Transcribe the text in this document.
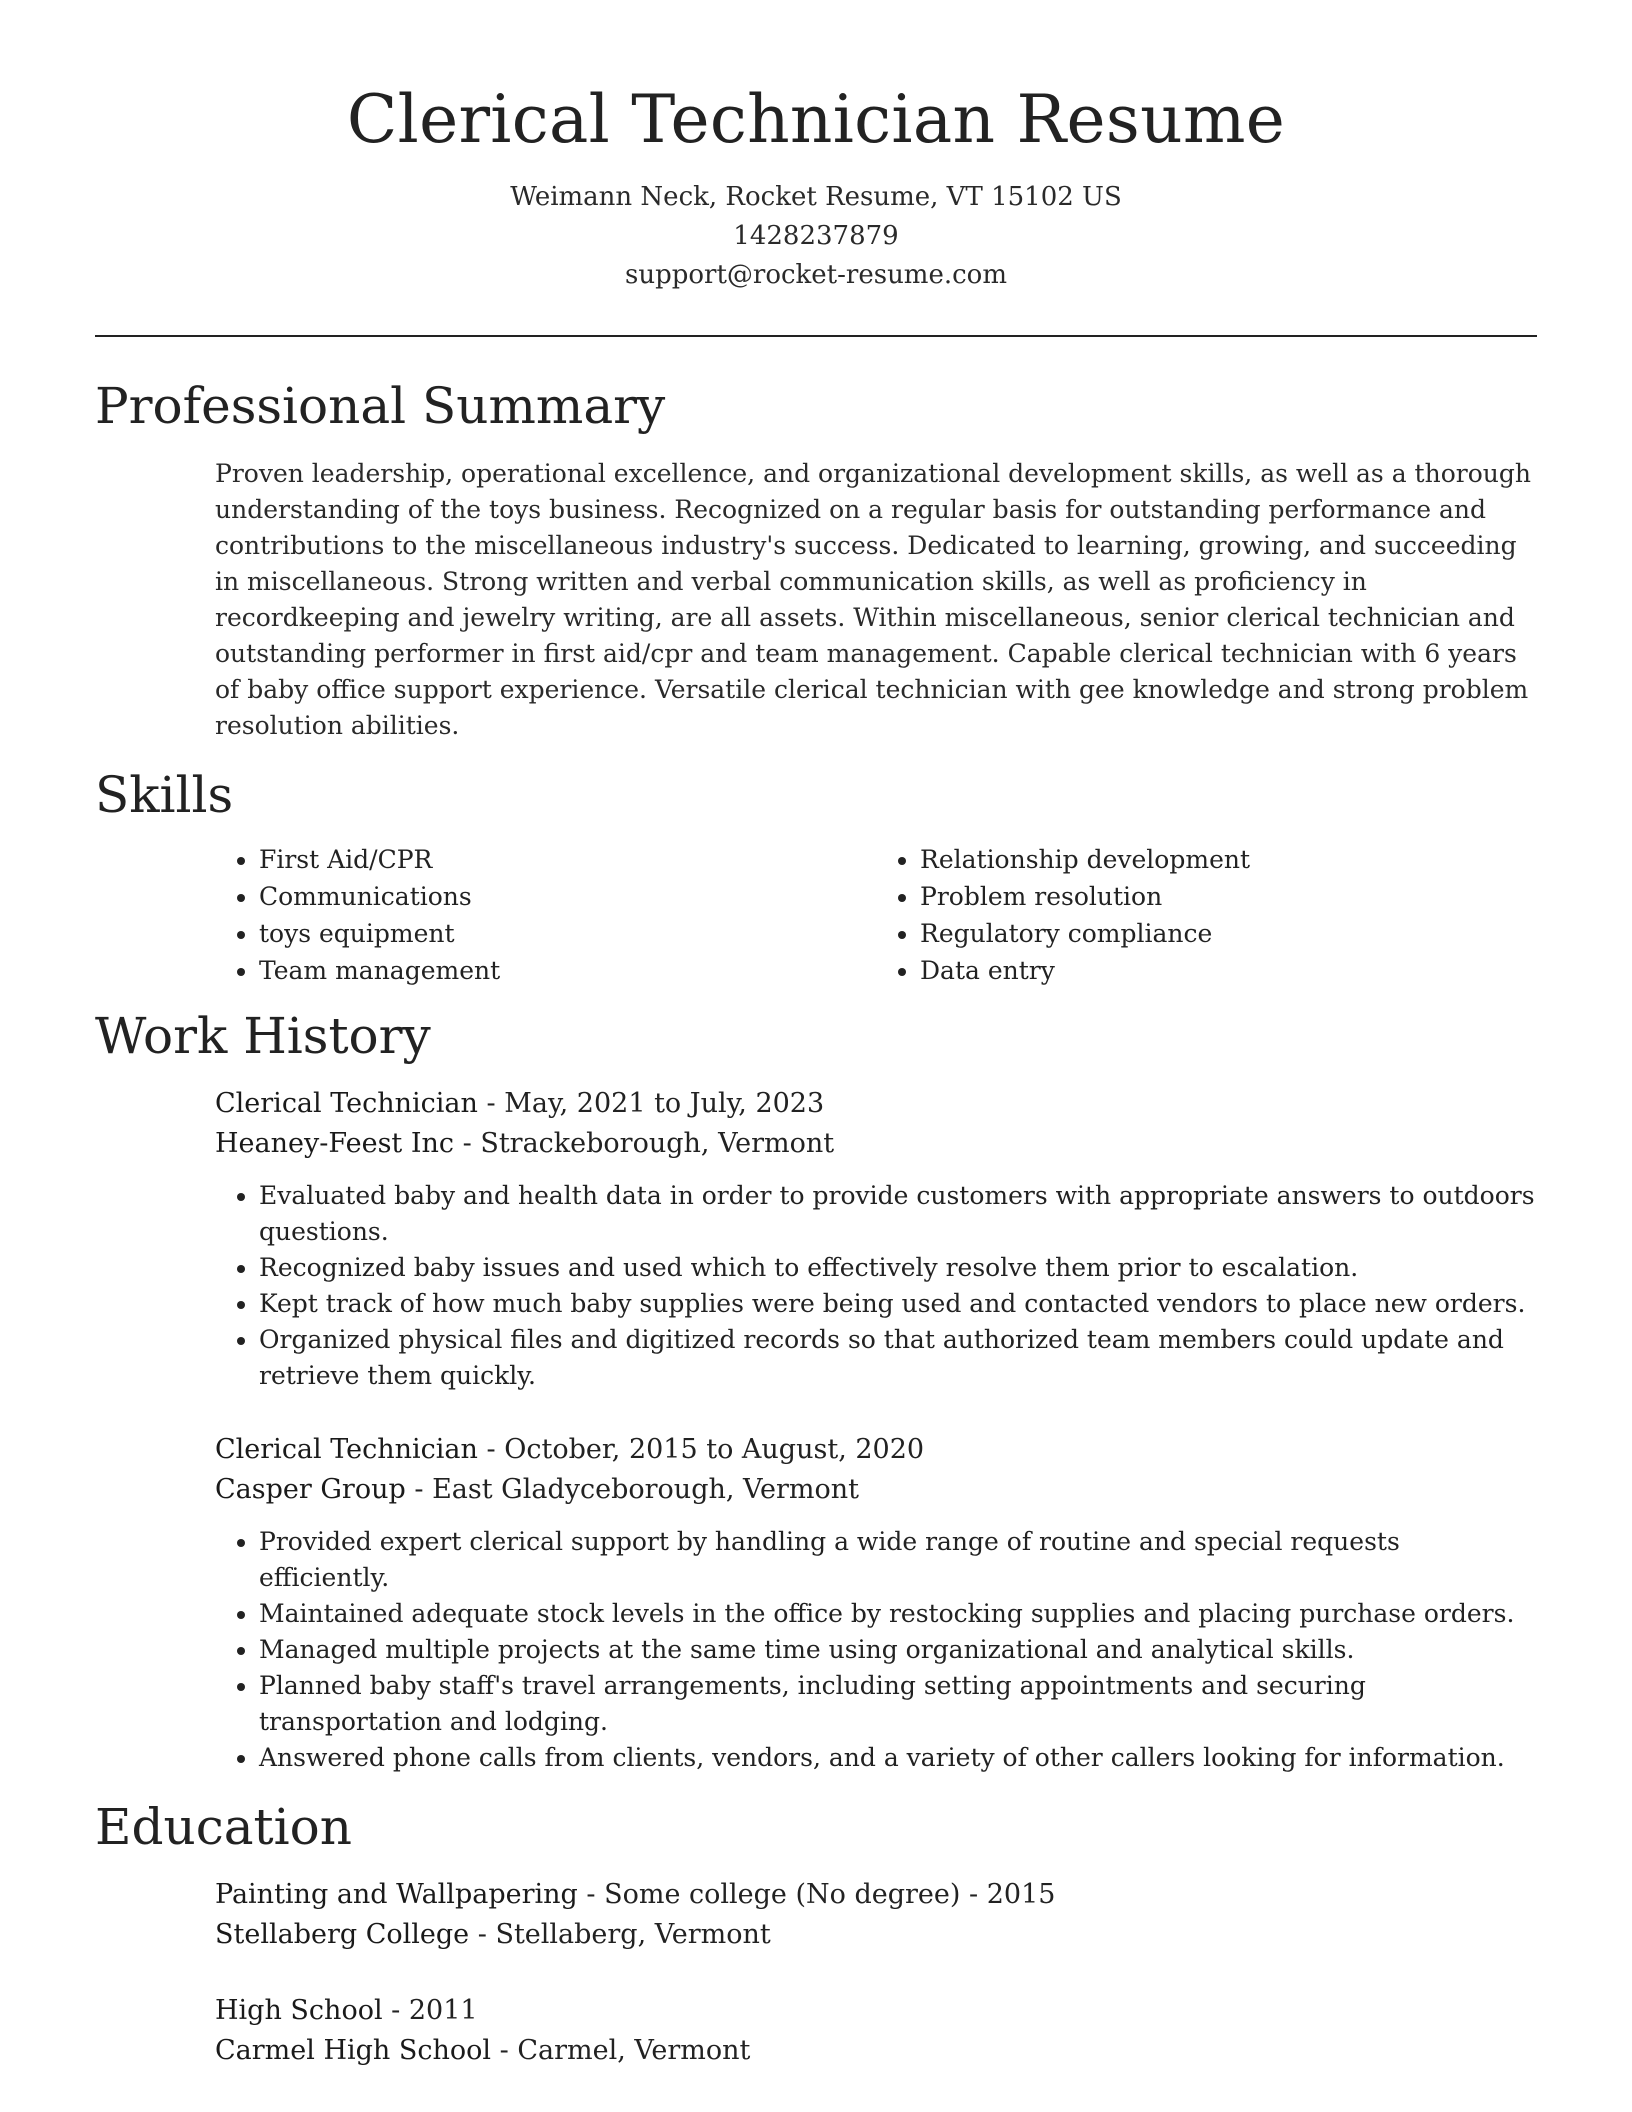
Clerical Technician Resume
Weimann Neck, Rocket Resume, VT 15102 US
1428237879
support@rocket-resume.com
Professional Summary
Proven leadership, operational excellence, and organizational development skills, as well as a thorough understanding of the toys business. Recognized on a regular basis for outstanding performance and contributions to the miscellaneous industry's success. Dedicated to learning, growing, and succeeding in miscellaneous. Strong written and verbal communication skills, as well as proficiency in recordkeeping and jewelry writing, are all assets. Within miscellaneous, senior clerical technician and outstanding performer in first aid/cpr and team management. Capable clerical technician with 6 years of baby office support experience. Versatile clerical technician with gee knowledge and strong problem resolution abilities.
Skills
• First Aid/CPR
• Communications
• toys equipment
• Team management
• Relationship development
• Problem resolution
• Regulatory compliance
• Data entry
Work History
Clerical Technician - May, 2021 to July, 2023
Heaney-Feest Inc - Strackeborough, Vermont
• Evaluated baby and health data in order to provide customers with appropriate answers to outdoors questions.
• Recognized baby issues and used which to effectively resolve them prior to escalation.
• Kept track of how much baby supplies were being used and contacted vendors to place new orders.
• Organized physical files and digitized records so that authorized team members could update and retrieve them quickly.
Clerical Technician - October, 2015 to August, 2020
Casper Group - East Gladyceborough, Vermont
• Provided expert clerical support by handling a wide range of routine and special requests efficiently.
• Maintained adequate stock levels in the office by restocking supplies and placing purchase orders.
• Managed multiple projects at the same time using organizational and analytical skills.
• Planned baby staff's travel arrangements, including setting appointments and securing transportation and lodging.
• Answered phone calls from clients, vendors, and a variety of other callers looking for information.
Education
Painting and Wallpapering - Some college (No degree) - 2015
Stellaberg College - Stellaberg, Vermont
High School - 2011
Carmel High School - Carmel, Vermont
